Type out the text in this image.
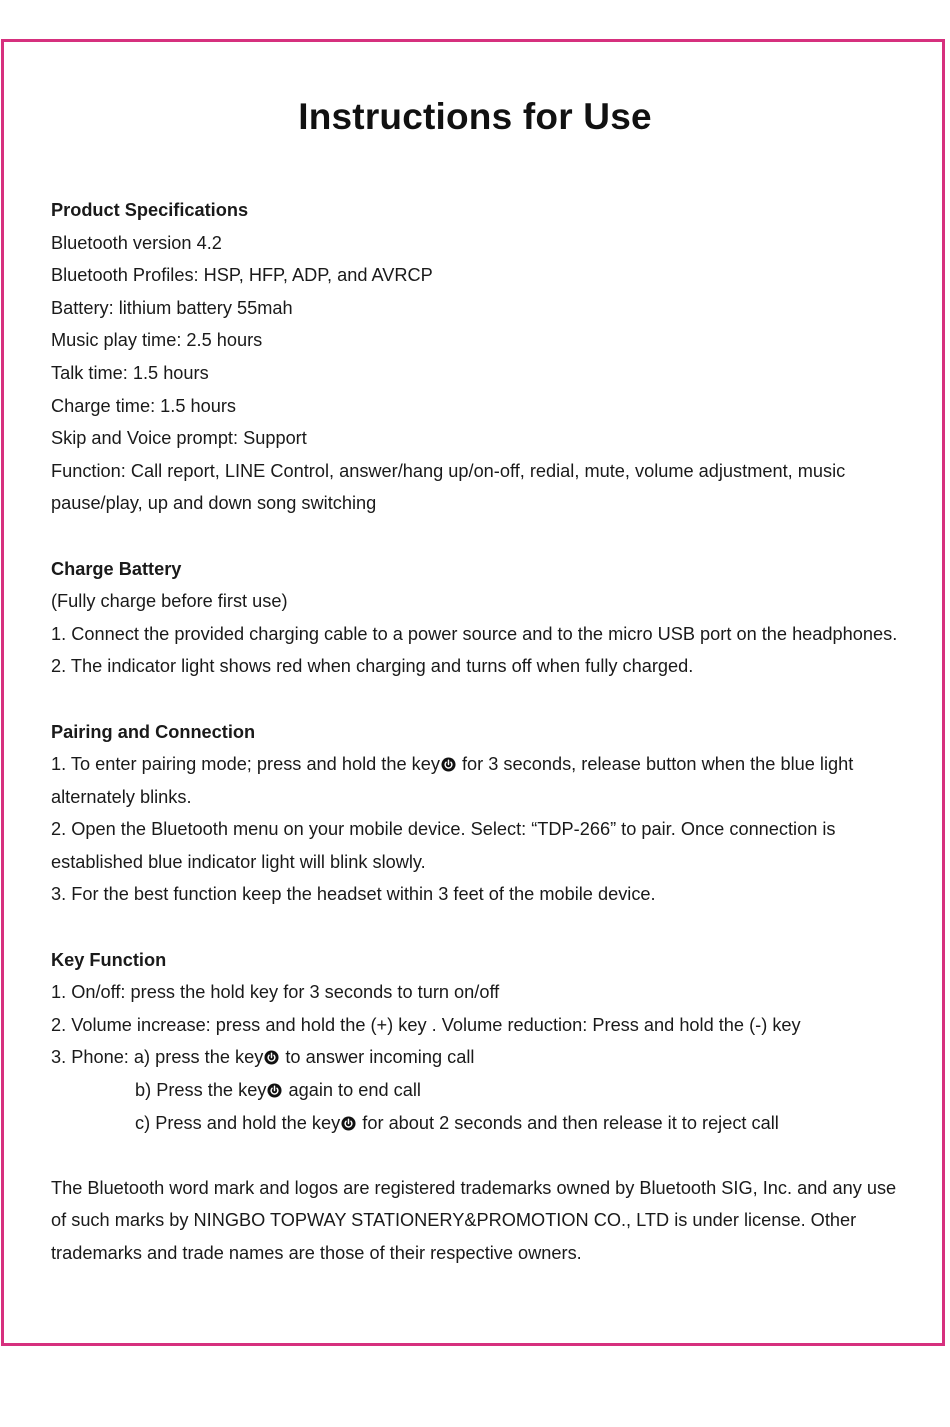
Instructions for Use
Product Specifications
Bluetooth version 4.2
Bluetooth Profiles: HSP, HFP, ADP, and AVRCP
Battery: lithium battery 55mah
Music play time: 2.5 hours
Talk time: 1.5 hours
Charge time: 1.5 hours
Skip and Voice prompt: Support
Function: Call report, LINE Control, answer/hang up/on-off, redial, mute, volume adjustment, music
pause/play, up and down song switching
Charge Battery
(Fully charge before first use)
1. Connect the provided charging cable to a power source and to the micro USB port on the headphones.
2. The indicator light shows red when charging and turns off when fully charged.
Pairing and Connection
1. To enter pairing mode; press and hold the key for 3 seconds, release button when the blue light
alternately blinks.
2. Open the Bluetooth menu on your mobile device. Select: “TDP-266” to pair. Once connection is
established blue indicator light will blink slowly.
3. For the best function keep the headset within 3 feet of the mobile device.
Key Function
1. On/off: press the hold key for 3 seconds to turn on/off
2. Volume increase: press and hold the (+) key . Volume reduction: Press and hold the (-) key
3. Phone: a) press the key to answer incoming call
b) Press the key again to end call
c) Press and hold the key for about 2 seconds and then release it to reject call
The Bluetooth word mark and logos are registered trademarks owned by Bluetooth SIG, Inc. and any use
of such marks by NINGBO TOPWAY STATIONERY&PROMOTION CO., LTD is under license. Other
trademarks and trade names are those of their respective owners.
